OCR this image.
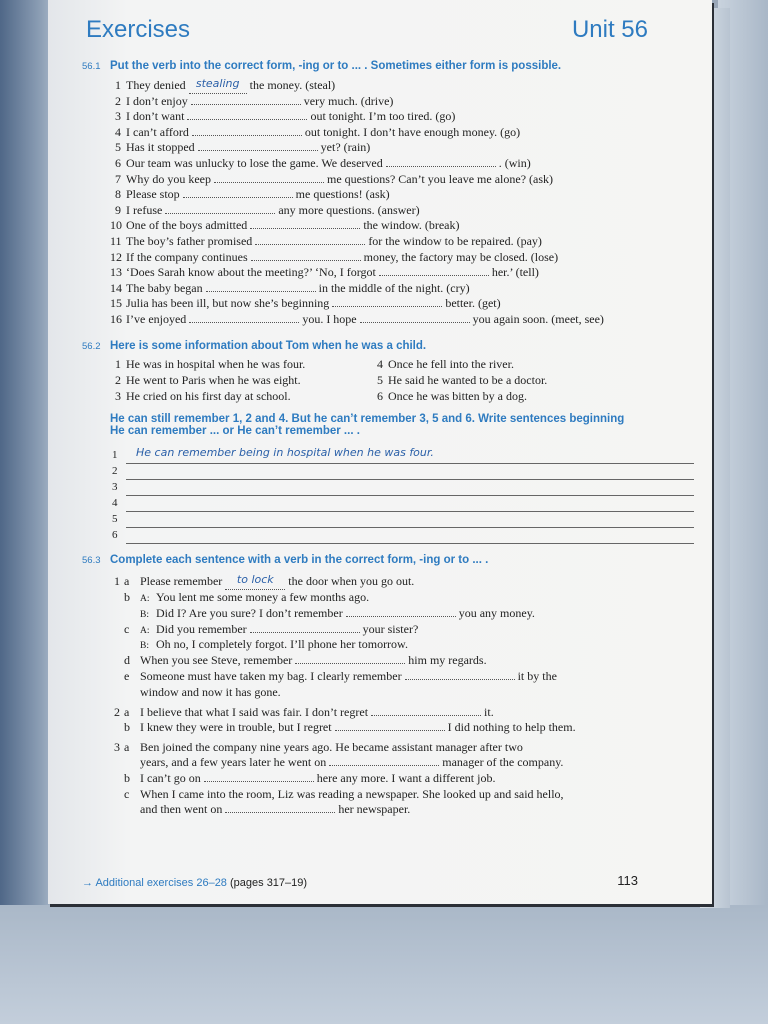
Exercises	Unit 56
56.1 Put the verb into the correct form, -ing or to ... . Sometimes either form is possible.
1 They denied stealing the money. (steal)
2 I don’t enjoy	very much. (drive)
3 I don’t want	out tonight. I’m too tired. (go)
4 I can’t afford	out tonight. I don’t have enough money. (go)
5 Has it stopped	yet? (rain)
6 Our team was unlucky to lose the game. We deserved	. (win)
7 Why do you keep	me questions? Can’t you leave me alone? (ask)
8 Please stop	me questions! (ask)
9 I refuse	any more questions. (answer)
10 One of the boys admitted	the window. (break)
11 The boy’s father promised	for the window to be repaired. (pay)
12 If the company continues	money, the factory may be closed. (lose)
13 ‘Does Sarah know about the meeting?’ ‘No, I forgot	her.’ (tell)
14 The baby began	in the middle of the night. (cry)
15 Julia has been ill, but now she’s beginning	better. (get)
16 I’ve enjoyed	you. I hope	you again soon. (meet, see)
56.2 Here is some information about Tom when he was a child.
1 He was in hospital when he was four.
2 He went to Paris when he was eight.
3 He cried on his first day at school.
4 Once he fell into the river.
5 He said he wanted to be a doctor.
6 Once he was bitten by a dog.
He can still remember 1, 2 and 4. But he can’t remember 3, 5 and 6. Write sentences beginning
He can remember ... or He can’t remember ... .
1 He can remember being in hospital when he was four.
2
3
4
5
6
56.3 Complete each sentence with a verb in the correct form, -ing or to ... .
1 a Please remember to lock the door when you go out.
b A: You lent me some money a few months ago.
B: Did I? Are you sure? I don’t remember	you any money.
c A: Did you remember	your sister?
B: Oh no, I completely forgot. I’ll phone her tomorrow.
d When you see Steve, remember	him my regards.
e Someone must have taken my bag. I clearly remember	it by the
window and now it has gone.
2 a I believe that what I said was fair. I don’t regret	it.
b I knew they were in trouble, but I regret	I did nothing to help them.
3 a Ben joined the company nine years ago. He became assistant manager after two
years, and a few years later he went on	manager of the company.
b I can’t go on	here any more. I want a different job.
c When I came into the room, Liz was reading a newspaper. She looked up and said hello,
and then went on	her newspaper.
→ Additional exercises 26–28 (pages 317–19)	113
